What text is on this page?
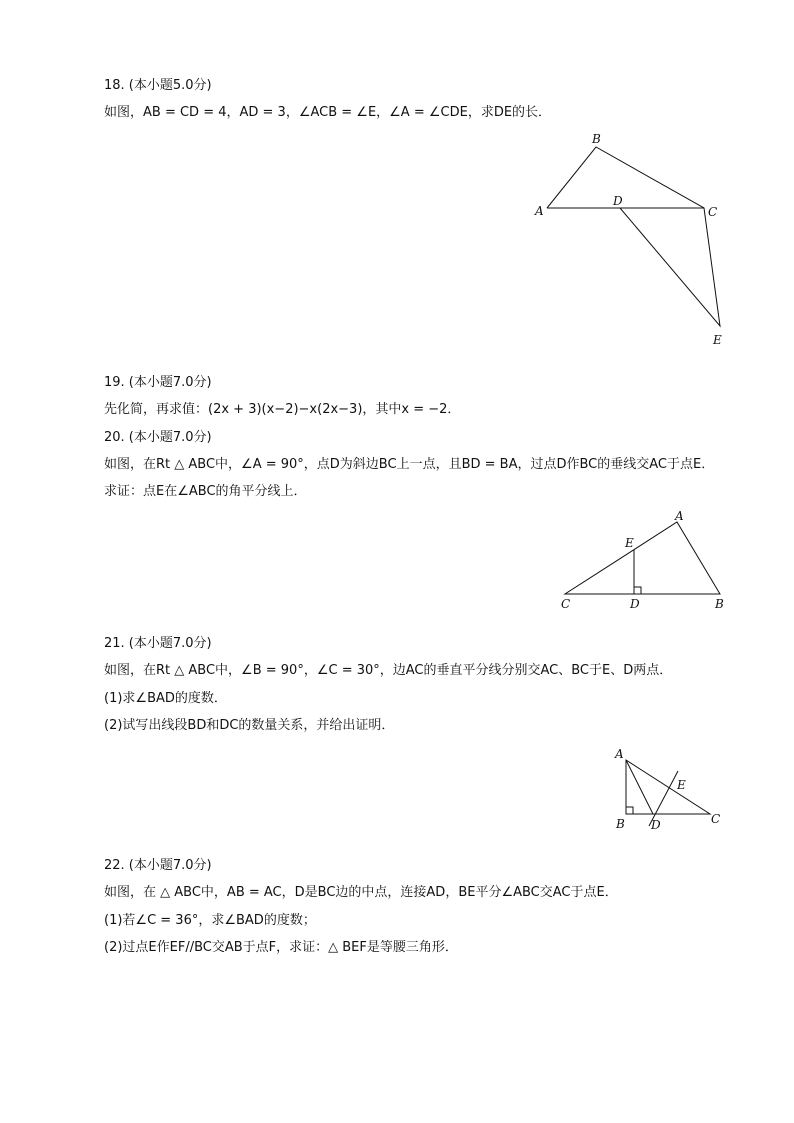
18. (本小题5.0分)
如图，AB = CD = 4，AD = 3，∠ACB = ∠E，∠A = ∠CDE，求DE的长．
B
A
D
C
E
19. (本小题7.0分)
先化简，再求值：(2x + 3)(x−2)−x(2x−3)，其中x = −2．
20. (本小题7.0分)
如图，在Rt △ ABC中，∠A = 90°，点D为斜边BC上一点，且BD = BA，过点D作BC的垂线交AC于点E．
求证：点E在∠ABC的角平分线上．
A
E
C	D	B
21. (本小题7.0分)
如图，在Rt △ ABC中，∠B = 90°，∠C = 30°，边AC的垂直平分线分别交AC、BC于E、D两点．
(1)求∠BAD的度数．
(2)试写出线段BD和DC的数量关系，并给出证明．
A
E
B D	C
22. (本小题7.0分)
如图，在 △ ABC中，AB = AC，D是BC边的中点，连接AD，BE平分∠ABC交AC于点E．
(1)若∠C = 36°，求∠BAD的度数；
(2)过点E作EF//BC交AB于点F，求证：△ BEF是等腰三角形．
